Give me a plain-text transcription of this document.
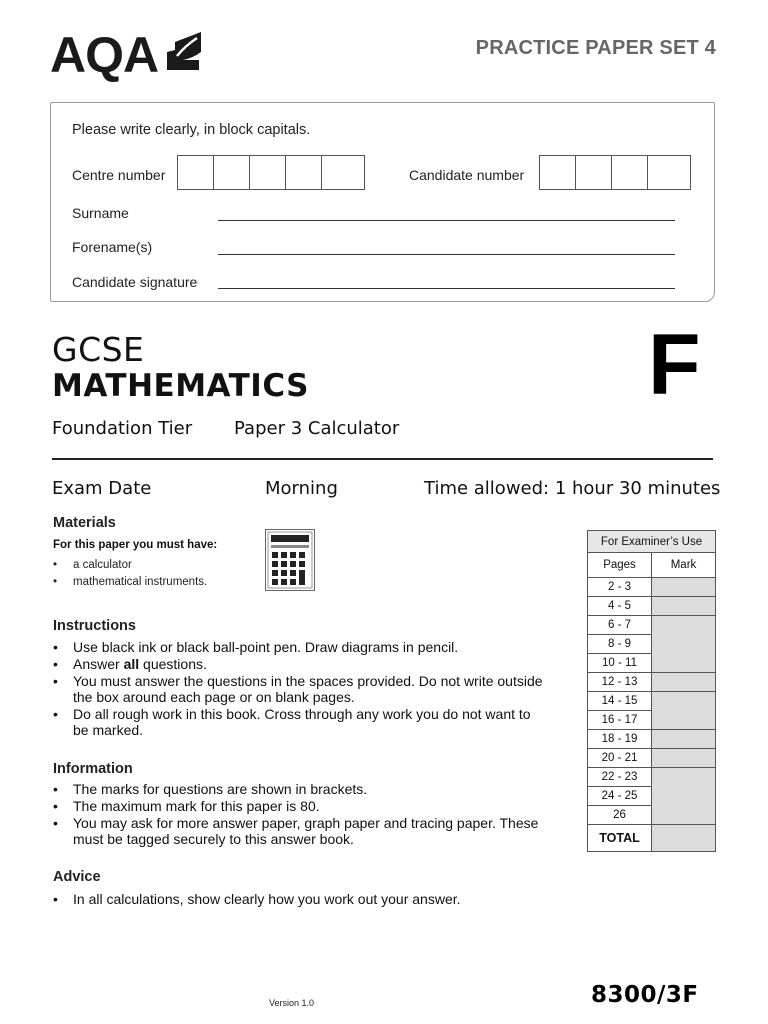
AQA	PRACTICE PAPER SET 4
Please write clearly, in block capitals.
Centre number	Candidate number
Surname
Forename(s)
Candidate signature
GCSE
MATHEMATICS	F
Foundation Tier Paper 3 Calculator
Exam Date	Morning	Time allowed: 1 hour 30 minutes
Materials
For this paper you must have:
• a calculator
• mathematical instruments.
Instructions
• Use black ink or black ball-point pen. Draw diagrams in pencil.
• Answer all questions.
• You must answer the questions in the spaces provided. Do not write outside the box around each page or on blank pages.
• Do all rough work in this book. Cross through any work you do not want to be marked.
Information
• The marks for questions are shown in brackets.
• The maximum mark for this paper is 80.
• You may ask for more answer paper, graph paper and tracing paper. These must be tagged securely to this answer book.
Advice
• In all calculations, show clearly how you work out your answer.
For Examiner’s Use	
Pages	Mark
2 - 3	
4 - 5	
6 - 7	
8 - 9	
10 - 11	
12 - 13	
14 - 15	
16 - 17	
18 - 19	
20 - 21	
22 - 23	
24 - 25	
26	
TOTAL	
Version 1.0	8300/3F
